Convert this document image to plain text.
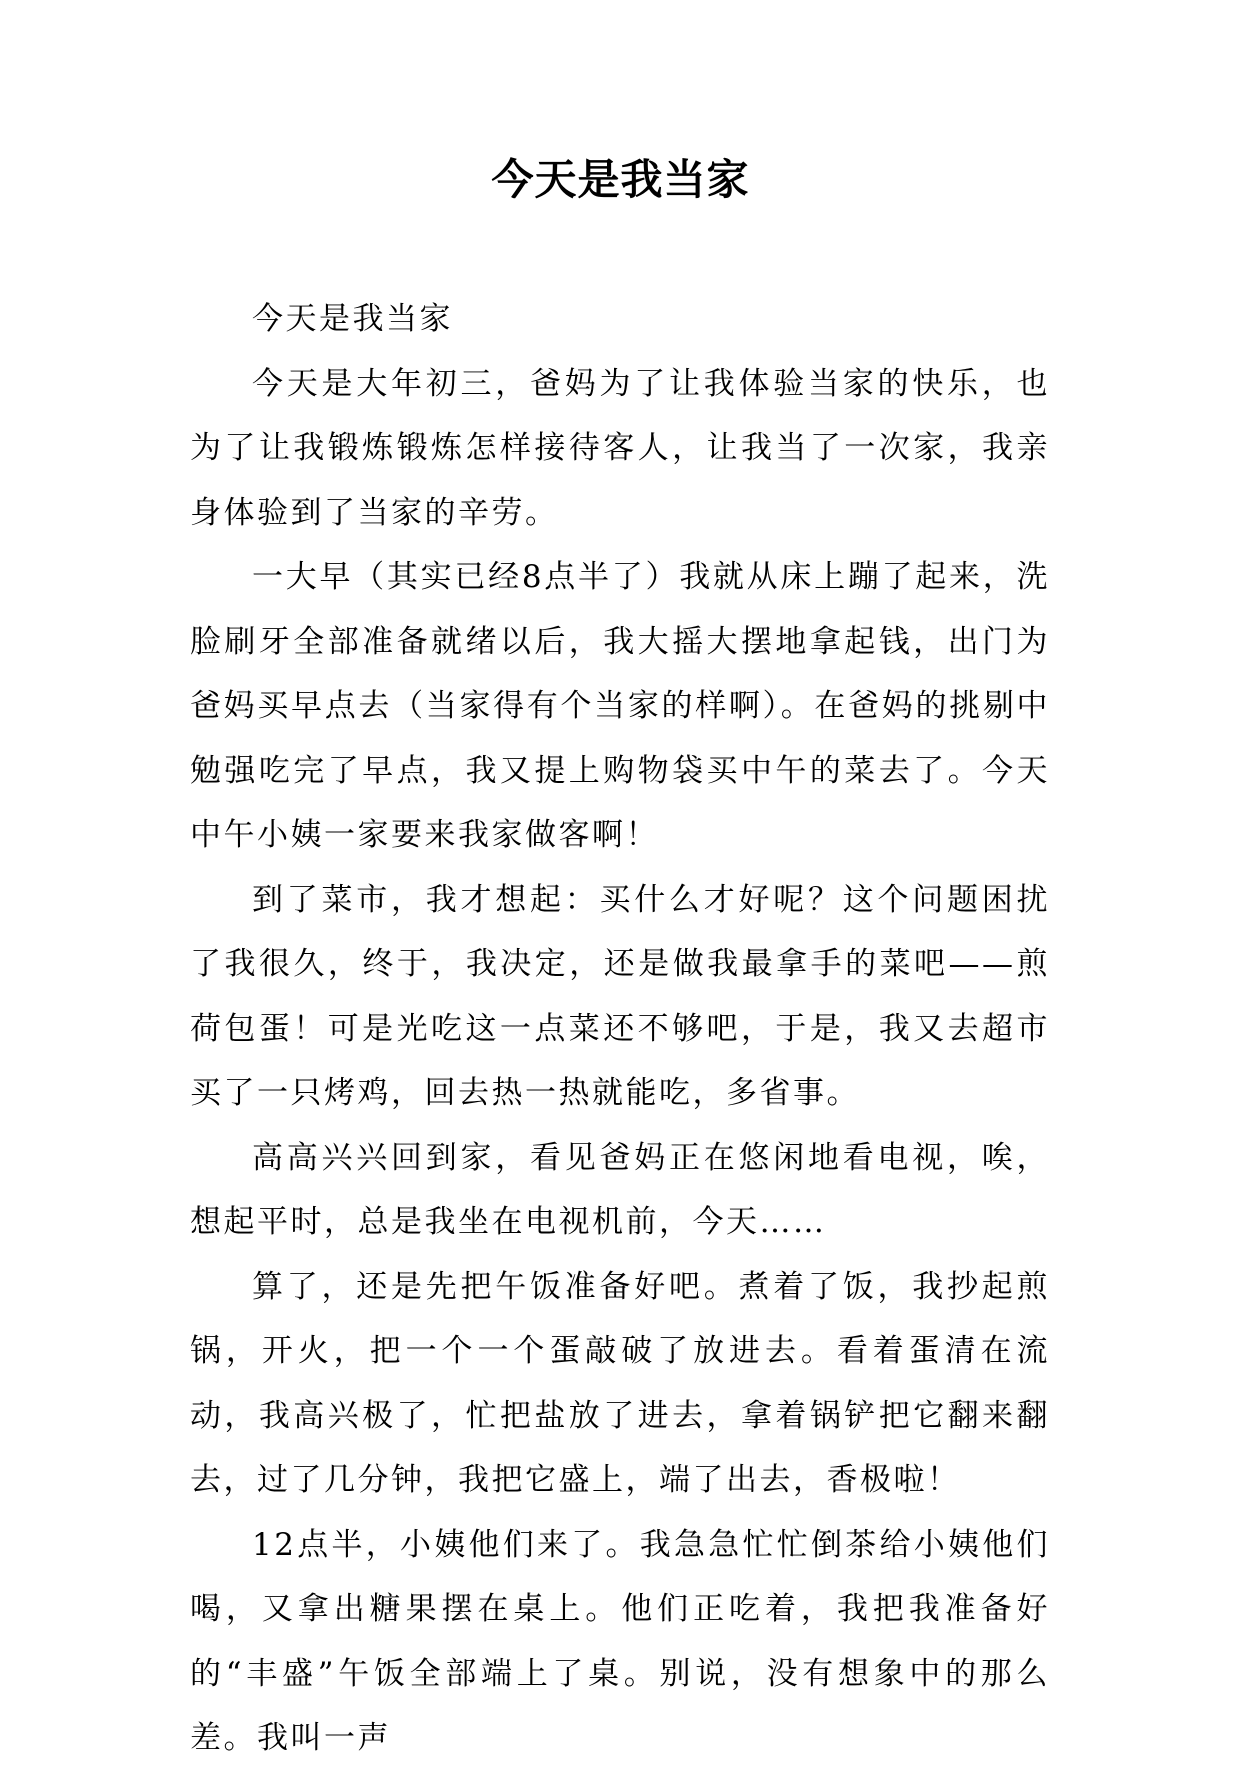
今天是我当家

今天是我当家

今天是大年初三，爸妈为了让我体验当家的快乐，也为了让我锻炼锻炼怎样接待客人，让我当了一次家，我亲身体验到了当家的辛劳。

一大早（其实已经8点半了）我就从床上蹦了起来，洗脸刷牙全部准备就绪以后，我大摇大摆地拿起钱，出门为爸妈买早点去（当家得有个当家的样啊）。在爸妈的挑剔中勉强吃完了早点，我又提上购物袋买中午的菜去了。今天中午小姨一家要来我家做客啊！

到了菜市，我才想起：买什么才好呢？这个问题困扰了我很久，终于，我决定，还是做我最拿手的菜吧——煎荷包蛋！可是光吃这一点菜还不够吧，于是，我又去超市买了一只烤鸡，回去热一热就能吃，多省事。

高高兴兴回到家，看见爸妈正在悠闲地看电视，唉，想起平时，总是我坐在电视机前，今天……

算了，还是先把午饭准备好吧。煮着了饭，我抄起煎锅，开火，把一个一个蛋敲破了放进去。看着蛋清在流动，我高兴极了，忙把盐放了进去，拿着锅铲把它翻来翻去，过了几分钟，我把它盛上，端了出去，香极啦！

12点半，小姨他们来了。我急急忙忙倒茶给小姨他们喝，又拿出糖果摆在桌上。他们正吃着，我把我准备好的“丰盛”午饭全部端上了桌。别说，没有想象中的那么差。我叫一声
